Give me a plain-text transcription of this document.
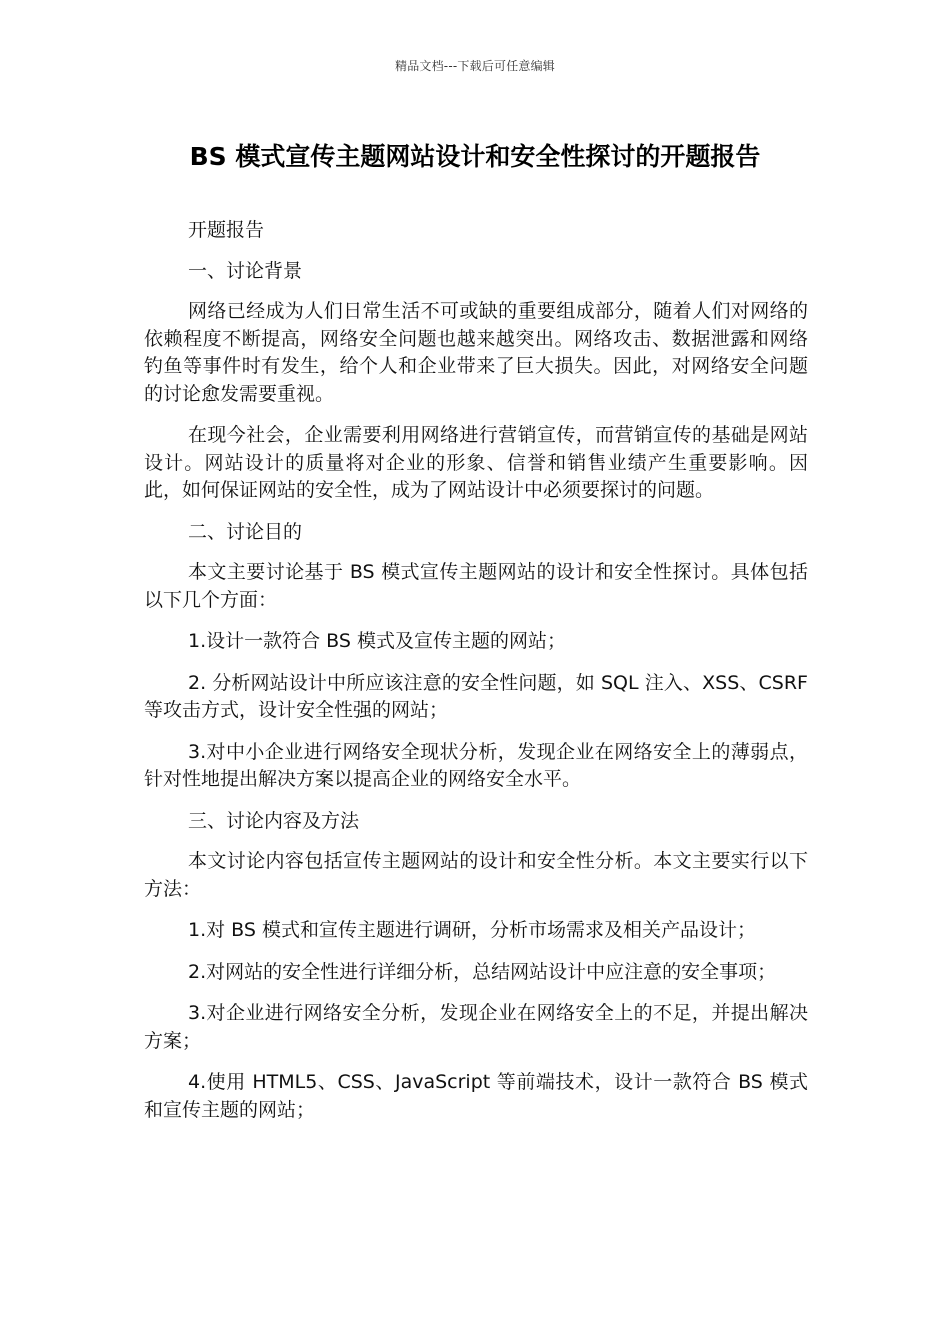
精品文档---下载后可任意编辑
BS 模式宣传主题网站设计和安全性探讨的开题报告

开题报告

一、讨论背景

网络已经成为人们日常生活不可或缺的重要组成部分，随着人们对网络的依赖程度不断提高，网络安全问题也越来越突出。网络攻击、数据泄露和网络钓鱼等事件时有发生，给个人和企业带来了巨大损失。因此，对网络安全问题的讨论愈发需要重视。

在现今社会，企业需要利用网络进行营销宣传，而营销宣传的基础是网站设计。网站设计的质量将对企业的形象、信誉和销售业绩产生重要影响。因此，如何保证网站的安全性，成为了网站设计中必须要探讨的问题。

二、讨论目的

本文主要讨论基于 BS 模式宣传主题网站的设计和安全性探讨。具体包括以下几个方面：

1.设计一款符合 BS 模式及宣传主题的网站；

2. 分析网站设计中所应该注意的安全性问题，如 SQL 注入、XSS、CSRF 等攻击方式，设计安全性强的网站；

3.对中小企业进行网络安全现状分析，发现企业在网络安全上的薄弱点，针对性地提出解决方案以提高企业的网络安全水平。

三、讨论内容及方法

本文讨论内容包括宣传主题网站的设计和安全性分析。本文主要实行以下方法：

1.对 BS 模式和宣传主题进行调研，分析市场需求及相关产品设计；

2.对网站的安全性进行详细分析，总结网站设计中应注意的安全事项；

3.对企业进行网络安全分析，发现企业在网络安全上的不足，并提出解决方案；

4.使用 HTML5、CSS、JavaScript 等前端技术，设计一款符合 BS 模式和宣传主题的网站；
